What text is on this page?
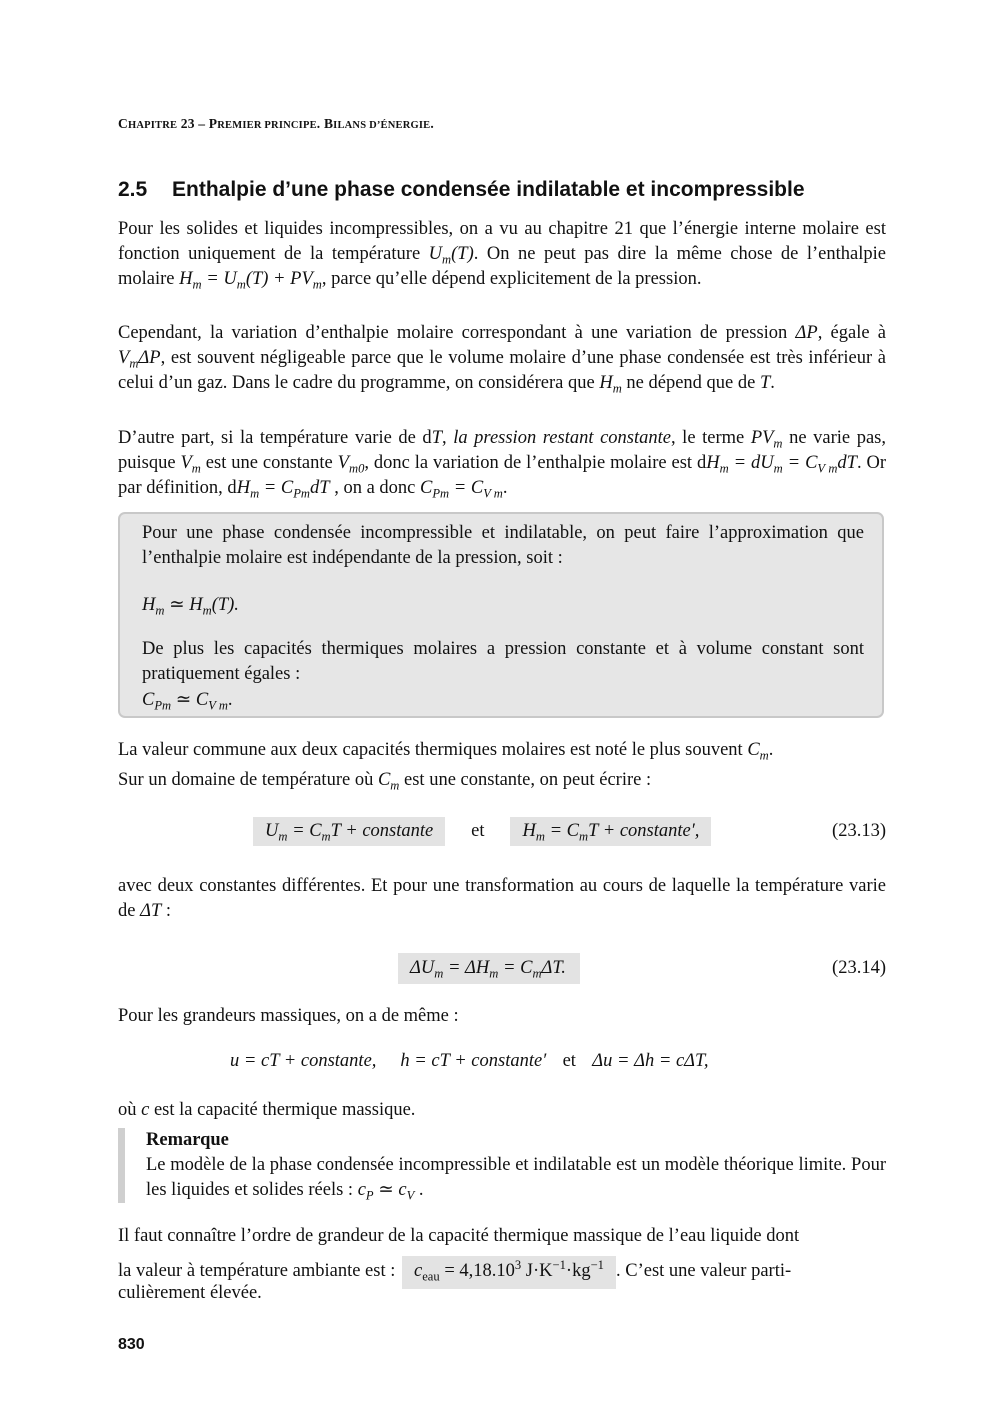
CHAPITRE 23 – PREMIER PRINCIPE. BILANS D’ÉNERGIE.
2.5 Enthalpie d’une phase condensée indilatable et incompressible

Pour les solides et liquides incompressibles, on a vu au chapitre 21 que l’énergie interne molaire est fonction uniquement de la température $U_m(T)$. On ne peut pas dire la même chose de l’enthalpie molaire $H_m = U_m(T) + PV_m$, parce qu’elle dépend explicitement de la pression.

Cependant, la variation d’enthalpie molaire correspondant à une variation de pression ΔP, égale à $V_m\Delta P$, est souvent négligeable parce que le volume molaire d’une phase condensée est très inférieur à celui d’un gaz. Dans le cadre du programme, on considérera que $H_m$ ne dépend que de T.

D’autre part, si la température varie de dT, la pression restant constante, le terme $PV_m$ ne varie pas, puisque $V_m$ est une constante $V_{m0}$, donc la variation de l’enthalpie molaire est $dH_m = dU_m = C_{V m}dT$. Or par définition, $dH_m = C_{Pm}dT$ , on a donc $C_{Pm} = C_{V m}$.

Pour une phase condensée incompressible et indilatable, on peut faire l’approximation que l’enthalpie molaire est indépendante de la pression, soit :
$H_m$ ≃ $H_m(T)$.
De plus les capacités thermiques molaires a pression constante et à volume constant sont pratiquement égales :
$C_{Pm}$ ≃ $C_{V m}$.

La valeur commune aux deux capacités thermiques molaires est noté le plus souvent $C_m$.

Sur un domaine de température où $C_m$ est une constante, on peut écrire :

$U_m = C_mT$ + constante et $H_m = C_mT$ + constante′,	(23.13)

avec deux constantes différentes. Et pour une transformation au cours de laquelle la température varie de ΔT :

$\Delta U_m = \Delta H_m = C_m\Delta T$.	(23.14)

Pour les grandeurs massiques, on a de même :

u = cT + constante, h = cT + constante′ et Δu = Δh = cΔT,

où c est la capacité thermique massique.

Remarque
Le modèle de la phase condensée incompressible et indilatable est un modèle théorique limite. Pour les liquides et solides réels : $c_P$ ≃ $c_V$ .

Il faut connaître l’ordre de grandeur de la capacité thermique massique de l’eau liquide dont

la valeur à température ambiante est : $c_{eau} = 4,18.10^3$ $J\cdot K^{-1}\cdot kg^{-1}$ . C’est une valeur parti-

culièrement élevée.

830
